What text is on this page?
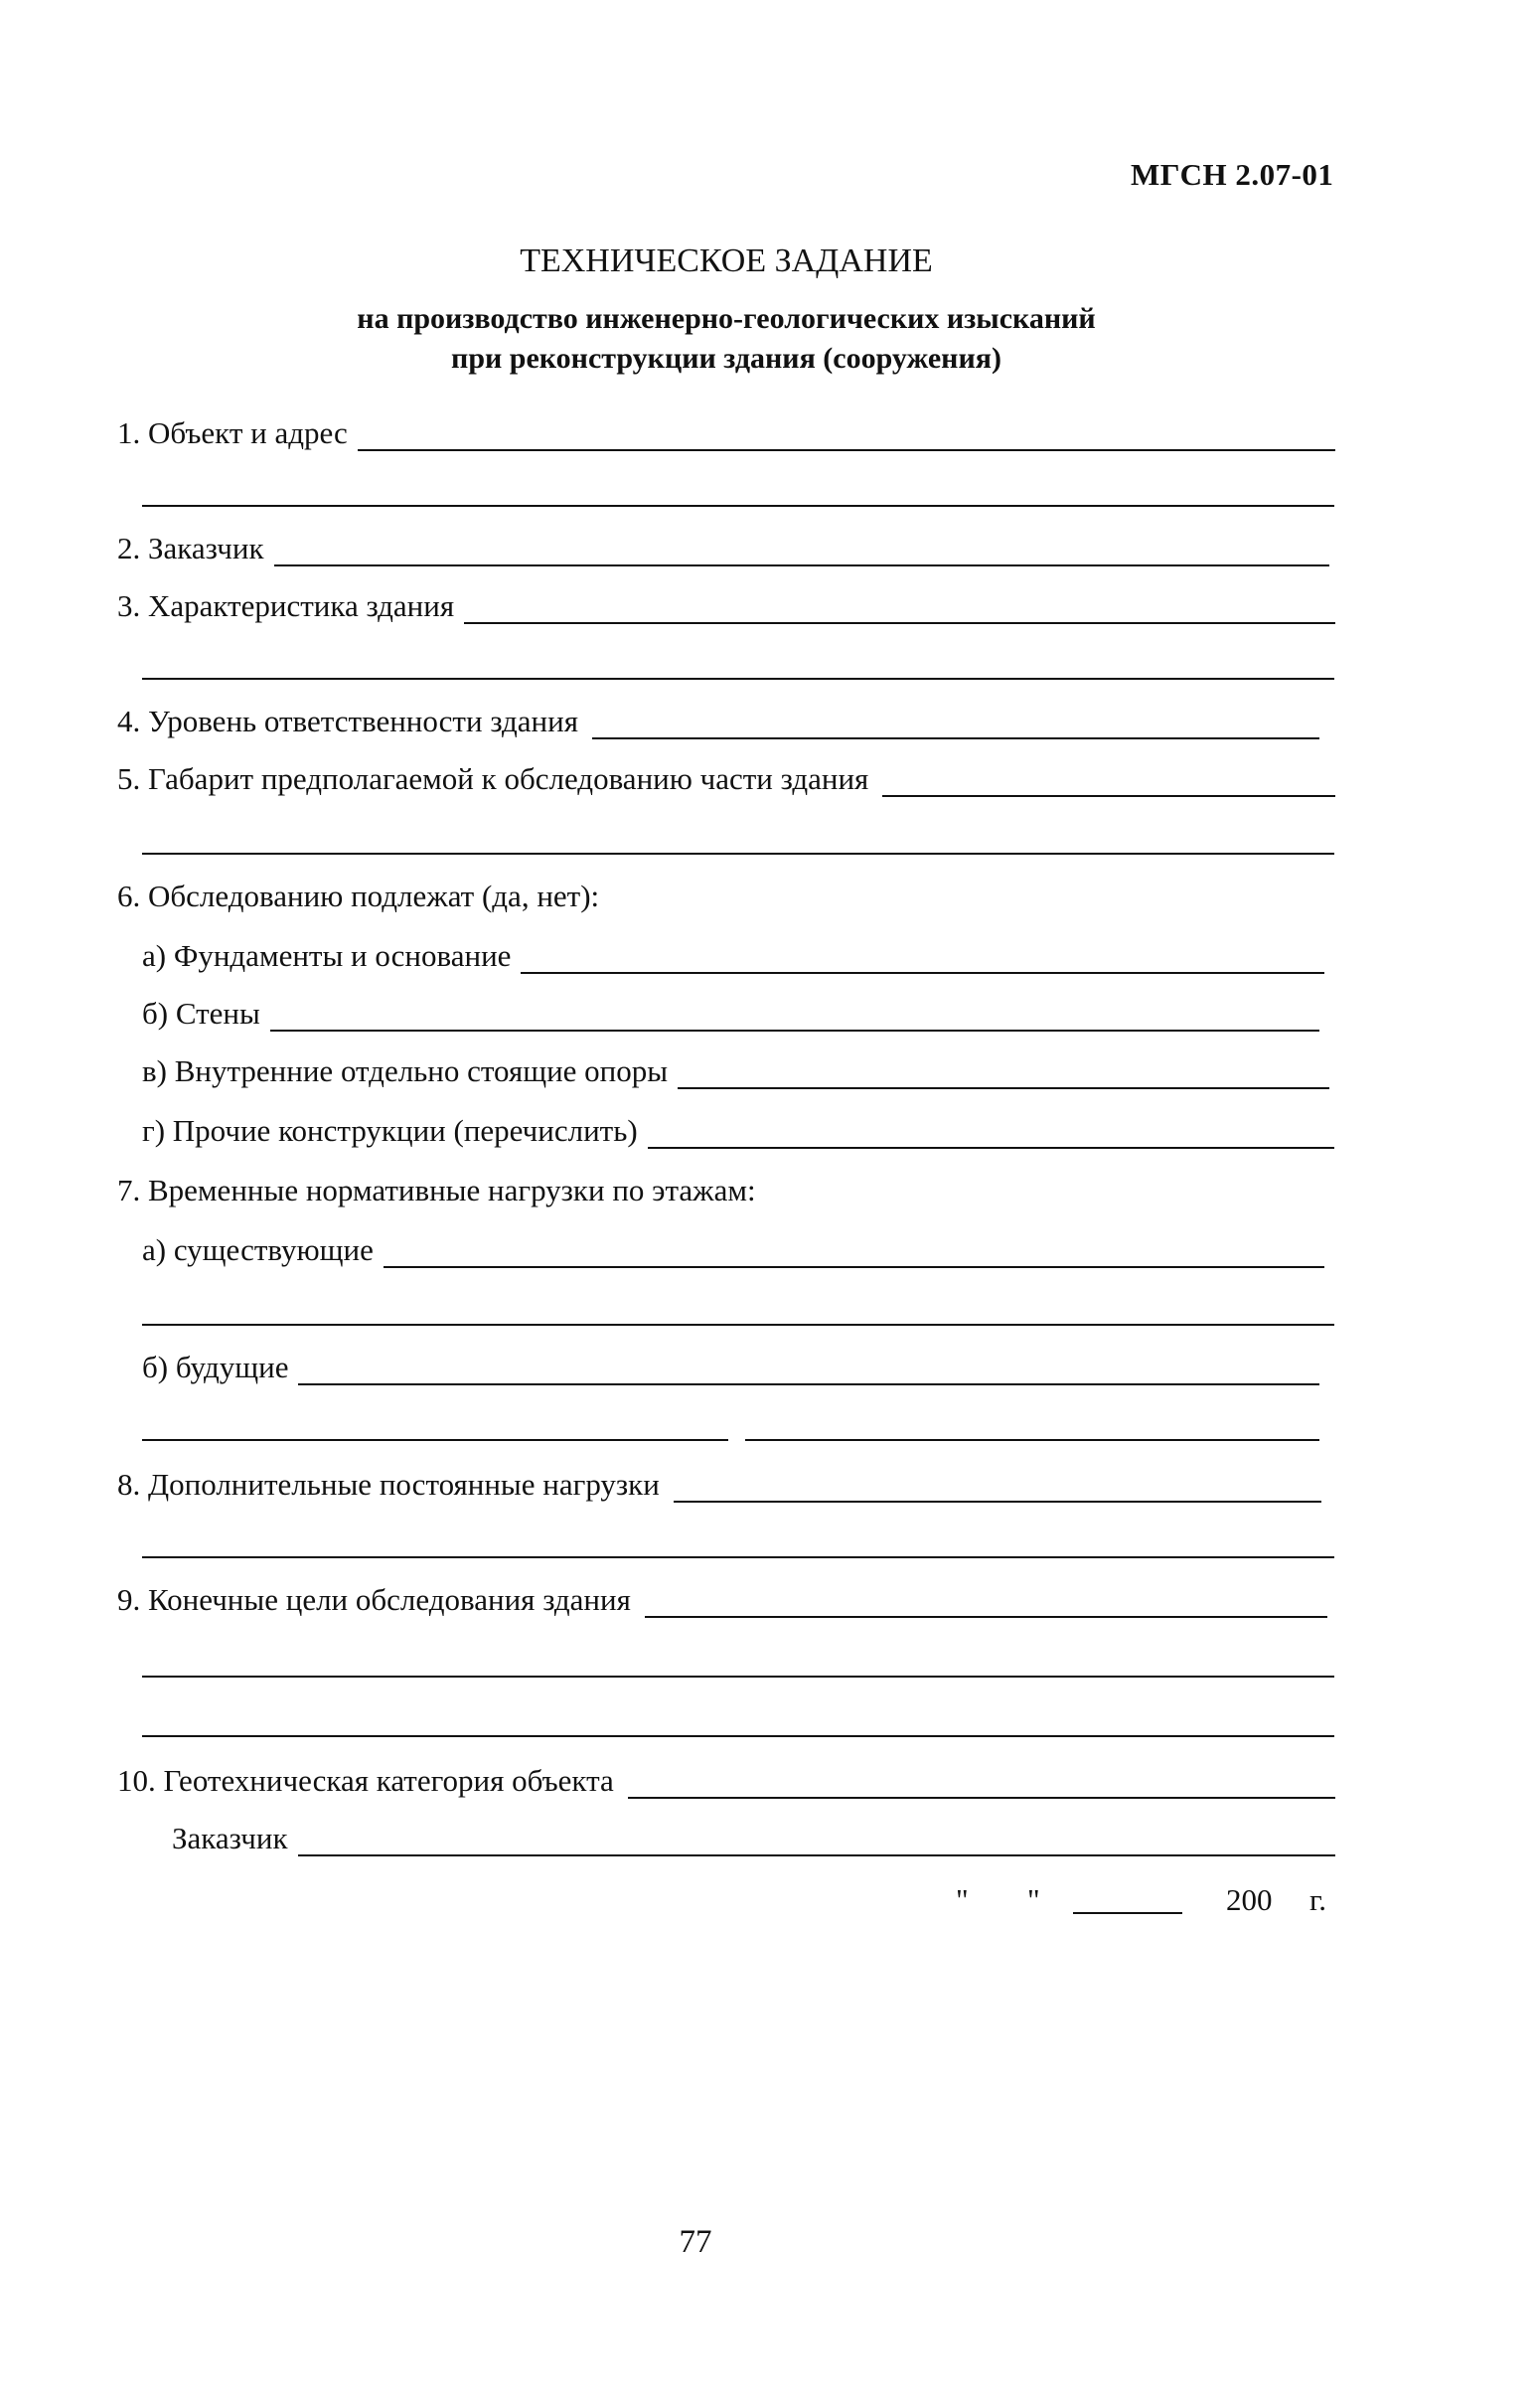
МГСН 2.07-01
ТЕХНИЧЕСКОЕ ЗАДАНИЕ
на производство инженерно-геологических изысканий
при реконструкции здания (сооружения)
1. Объект и адрес
2. Заказчик
3. Характеристика здания
4. Уровень ответственности здания
5. Габарит предполагаемой к обследованию части здания
6. Обследованию подлежат (да, нет):
а) Фундаменты и основание
б) Стены
в) Внутренние отдельно стоящие опоры
г) Прочие конструкции (перечислить)
7. Временные нормативные нагрузки по этажам:
а) существующие
б) будущие
8. Дополнительные постоянные нагрузки
9. Конечные цели обследования здания
10. Геотехническая категория объекта
Заказчик
" "	200 г.
77
